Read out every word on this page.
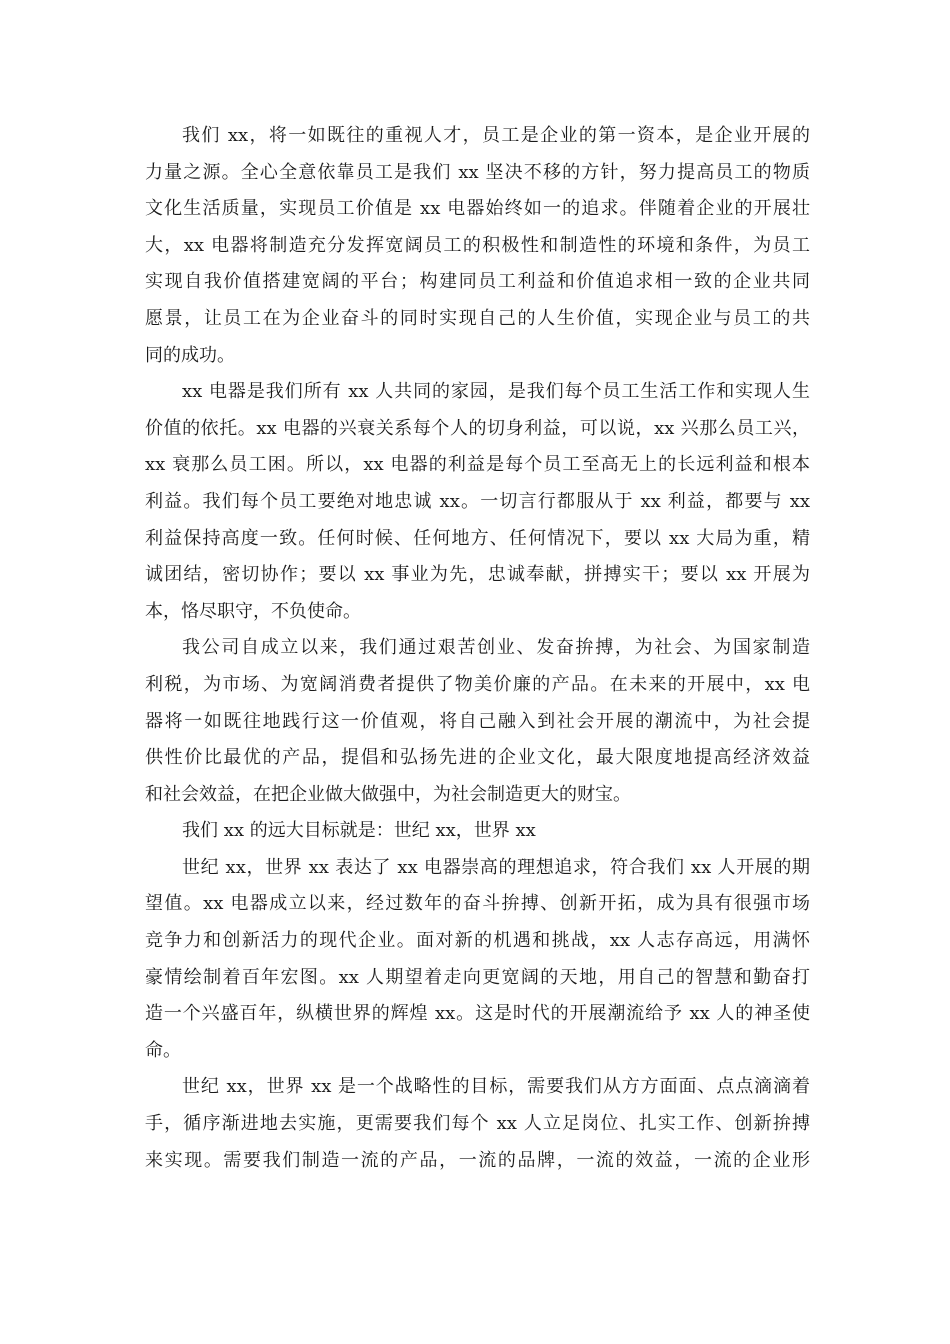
我们 xx，将一如既往的重视人才，员工是企业的第一资本，是企业开展的
力量之源。全心全意依靠员工是我们 xx 坚决不移的方针，努力提高员工的物质
文化生活质量，实现员工价值是 xx 电器始终如一的追求。伴随着企业的开展壮
大，xx 电器将制造充分发挥宽阔员工的积极性和制造性的环境和条件，为员工
实现自我价值搭建宽阔的平台；构建同员工利益和价值追求相一致的企业共同
愿景，让员工在为企业奋斗的同时实现自己的人生价值，实现企业与员工的共
同的成功。
xx 电器是我们所有 xx 人共同的家园，是我们每个员工生活工作和实现人生
价值的依托。xx 电器的兴衰关系每个人的切身利益，可以说，xx 兴那么员工兴，
xx 衰那么员工困。所以，xx 电器的利益是每个员工至高无上的长远利益和根本
利益。我们每个员工要绝对地忠诚 xx。一切言行都服从于 xx 利益，都要与 xx
利益保持高度一致。任何时候、任何地方、任何情况下，要以 xx 大局为重，精
诚团结，密切协作；要以 xx 事业为先，忠诚奉献，拼搏实干；要以 xx 开展为
本，恪尽职守，不负使命。
我公司自成立以来，我们通过艰苦创业、发奋拚搏，为社会、为国家制造
利税，为市场、为宽阔消费者提供了物美价廉的产品。在未来的开展中，xx 电
器将一如既往地践行这一价值观，将自己融入到社会开展的潮流中，为社会提
供性价比最优的产品，提倡和弘扬先进的企业文化，最大限度地提高经济效益
和社会效益，在把企业做大做强中，为社会制造更大的财宝。
我们 xx 的远大目标就是：世纪 xx，世界 xx
世纪 xx，世界 xx 表达了 xx 电器崇高的理想追求，符合我们 xx 人开展的期
望值。xx 电器成立以来，经过数年的奋斗拚搏、创新开拓，成为具有很强市场
竞争力和创新活力的现代企业。面对新的机遇和挑战，xx 人志存高远，用满怀
豪情绘制着百年宏图。xx 人期望着走向更宽阔的天地，用自己的智慧和勤奋打
造一个兴盛百年，纵横世界的辉煌 xx。这是时代的开展潮流给予 xx 人的神圣使
命。
世纪 xx，世界 xx 是一个战略性的目标，需要我们从方方面面、点点滴滴着
手，循序渐进地去实施，更需要我们每个 xx 人立足岗位、扎实工作、创新拚搏
来实现。需要我们制造一流的产品，一流的品牌，一流的效益，一流的企业形
